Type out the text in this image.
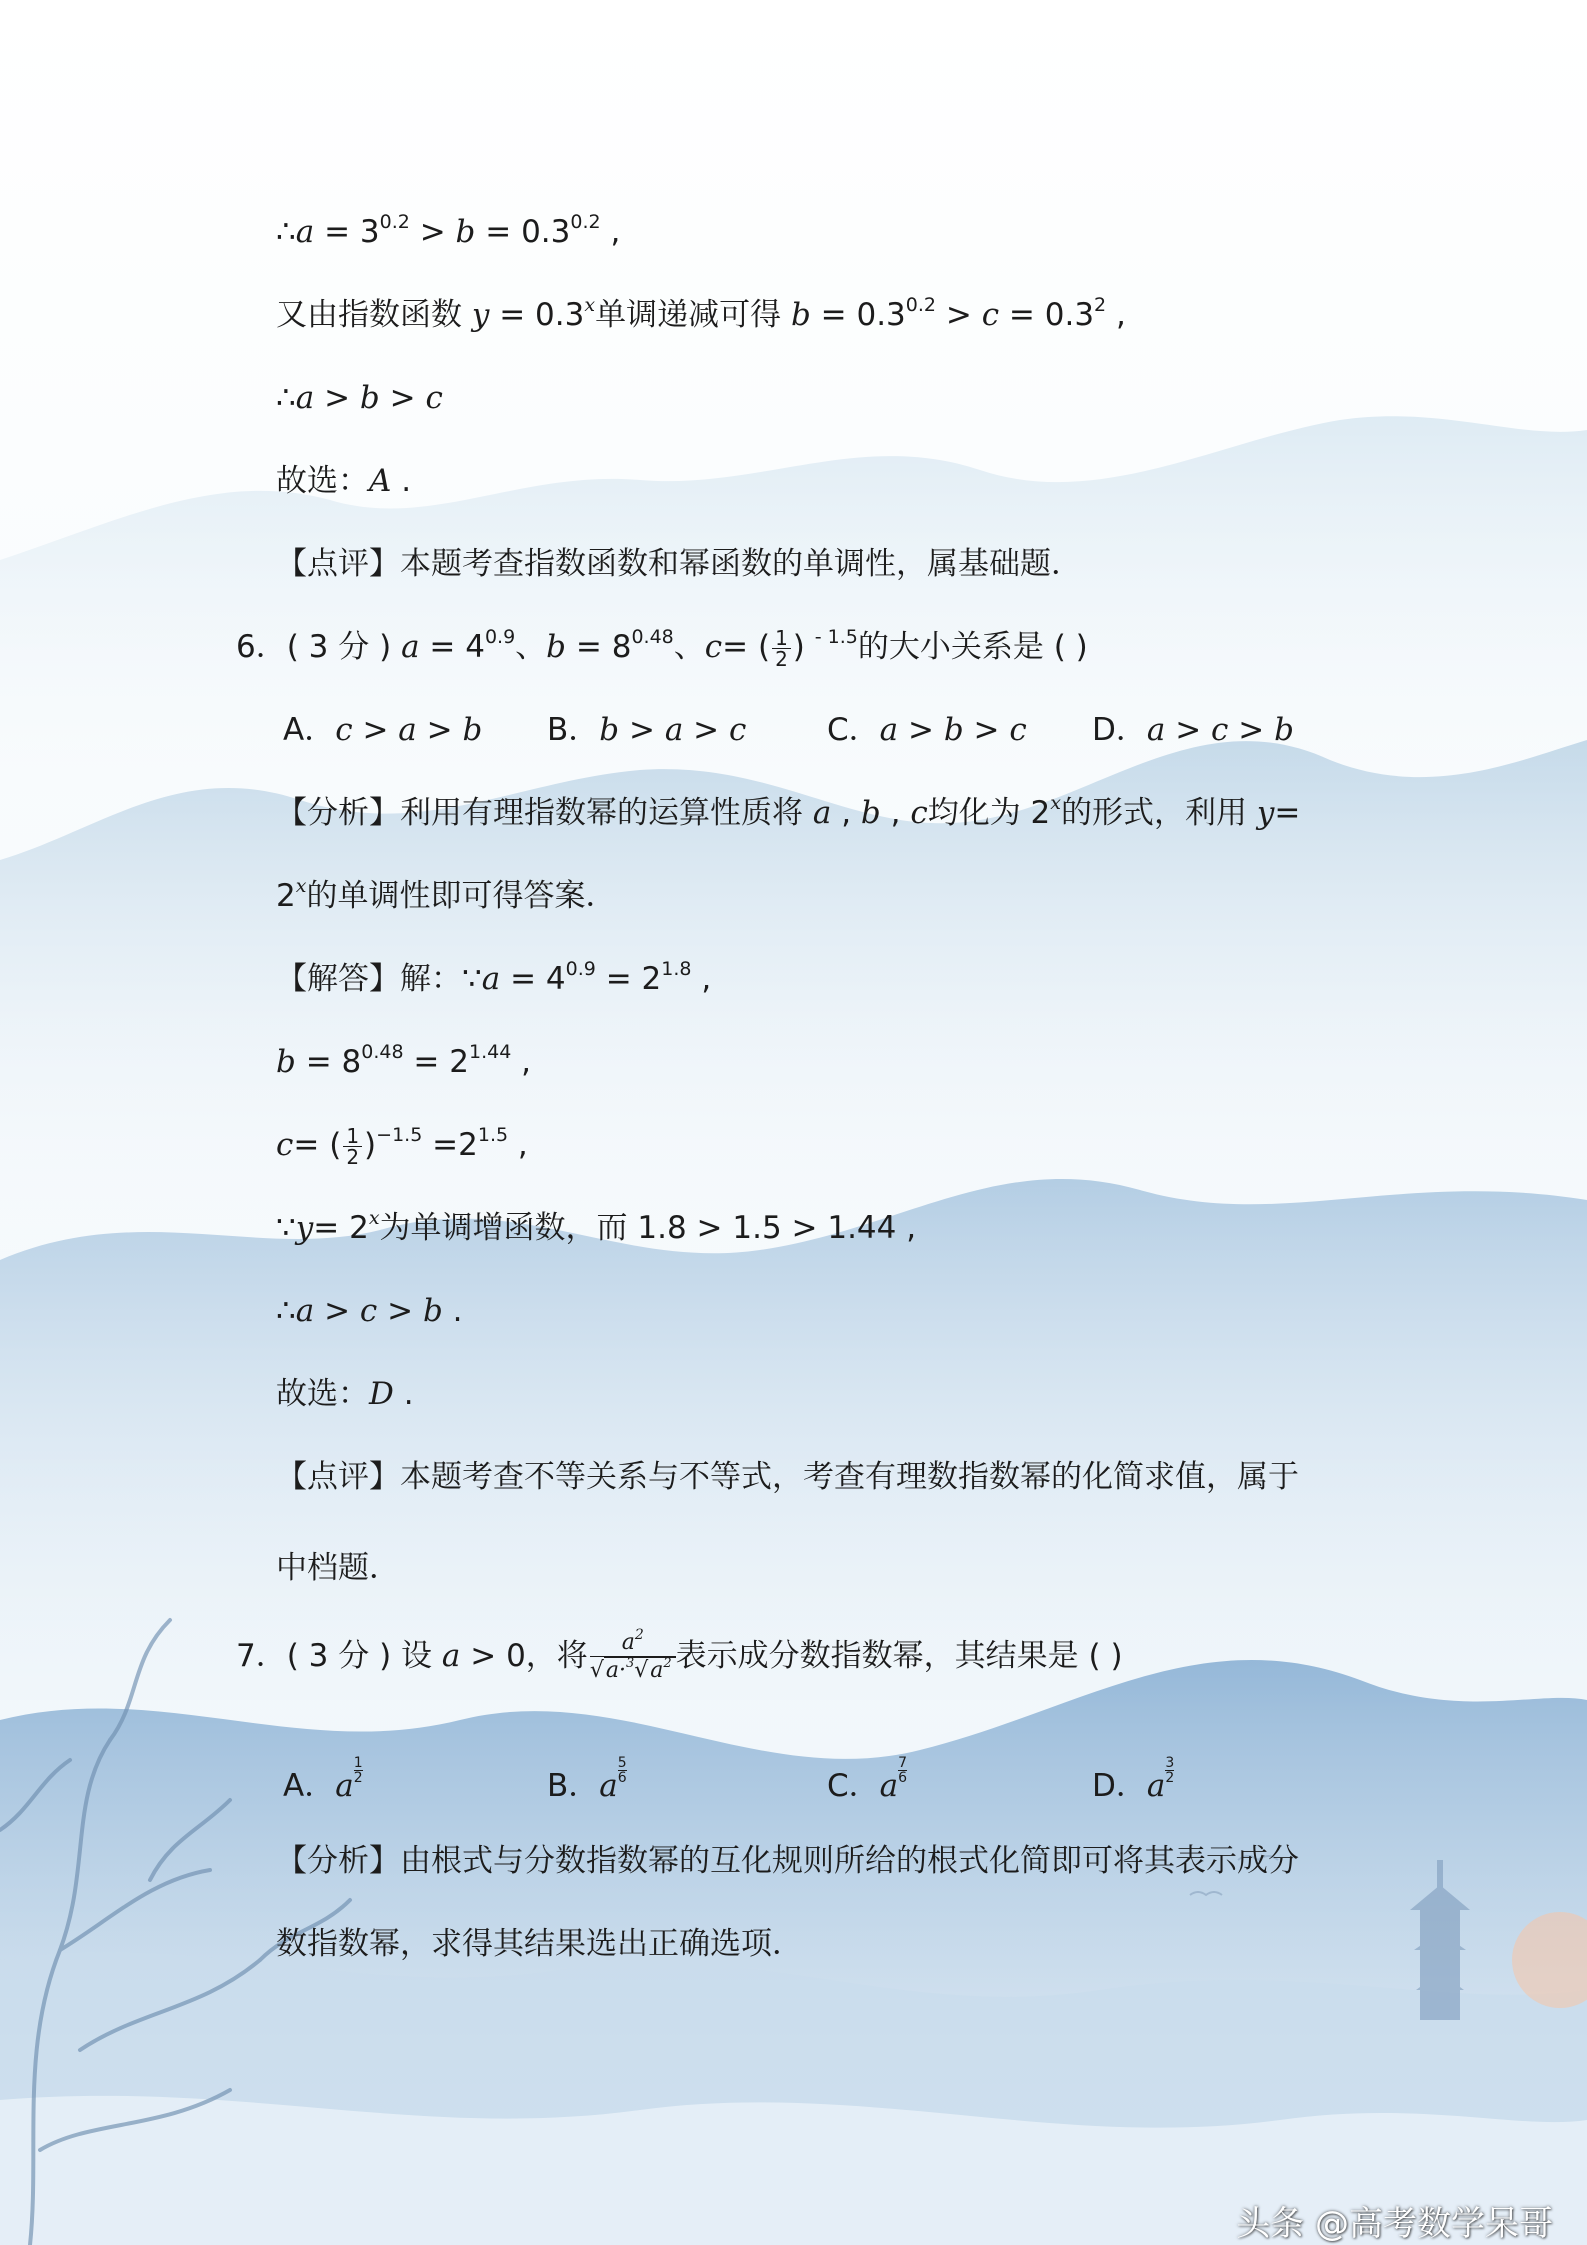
∴a = $3^{0.2} > b = 0.3^{0.2}$ ,
又由指数函数 $y = 0.3^x$单调递减可得 $b = 0.3^{0.2} > c = 0.3^2$ ,
∴a > b > c
故选：A .
【点评】本题考查指数函数和幂函数的单调性，属基础题．
6．( 3 分 ) $a = 4^{0.9}$、$b = 8^{0.48}$、c= ( $\frac{1}{2}$ ) $^{- 1.5}$的大小关系是 ( )
A．c > a > b B．b > a > c	C．a > b > c D．a > c > b
【分析】利用有理指数幂的运算性质将 a , b , c均化为 2$^x$的形式，利用 y=
$2^x$的单调性即可得答案．
【解答】解：∵a = $4^{0.9} = 2^{1.8}$ ,
$b = 8^{0.48} = 2^{1.44}$ ,
c= ( $\frac{1}{2} )^{-1.5} =2^{1.5}$ ,
∵y= $2^x$为单调增函数，而 1.8 > 1.5 > 1.44 ,
∴a > c > b .
故选：D .
【点评】本题考查不等关系与不等式，考查有理数指数幂的化简求值，属于
中档题．
7．( 3 分 ) 设 a > 0，将 $\frac{a^2}{√a\cdot^3√a^2}$ 表示成分数指数幂，其结果是 ( )
A．a $\frac{1}{2}$	B．a $\frac{5}{6}$	C．a $\frac{7}{6}$	D．a $\frac{3}{2}$
【分析】由根式与分数指数幂的互化规则所给的根式化简即可将其表示成分
数指数幂，求得其结果选出正确选项．
头条 @高考数学呆哥
